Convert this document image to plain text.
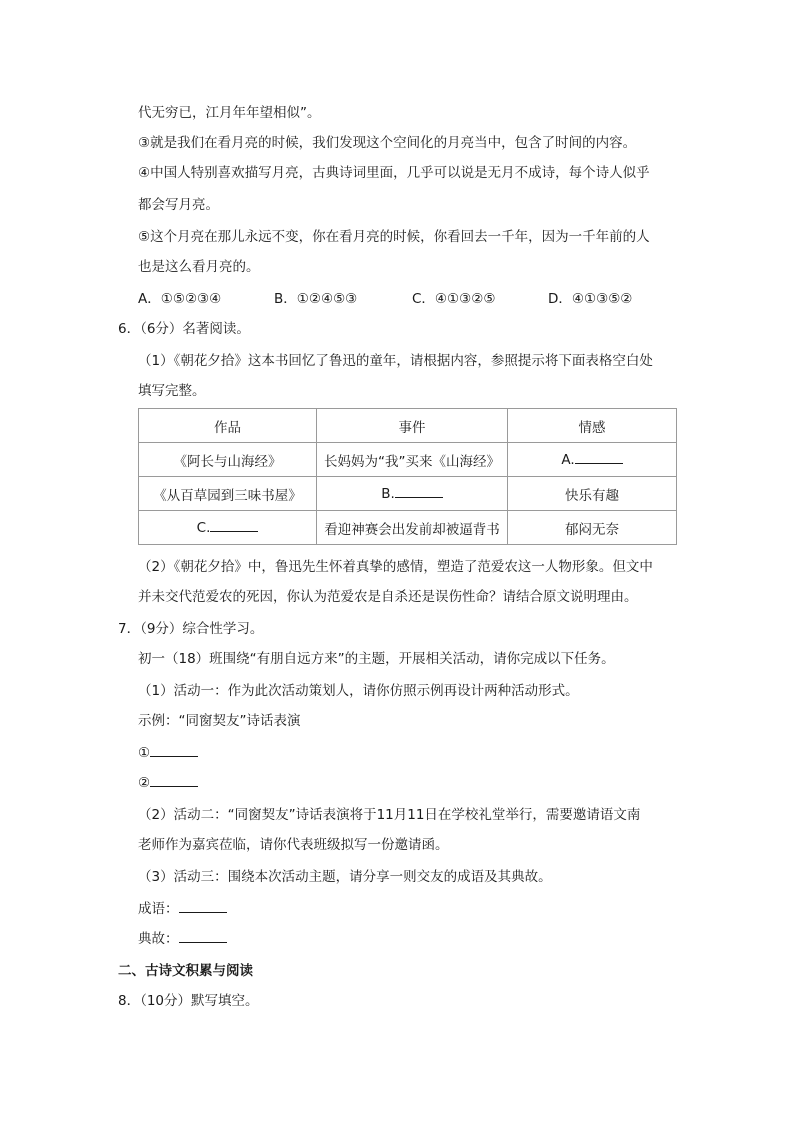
代无穷已，江月年年望相似”。
③就是我们在看月亮的时候，我们发现这个空间化的月亮当中，包含了时间的内容。
④中国人特别喜欢描写月亮，古典诗词里面，几乎可以说是无月不成诗，每个诗人似乎
都会写月亮。
⑤这个月亮在那儿永远不变，你在看月亮的时候，你看回去一千年，因为一千年前的人
也是这么看月亮的。
A．①⑤②③④	B．①②④⑤③	C．④①③②⑤	D．④①③⑤②
6．（6分）名著阅读。
（1）《朝花夕拾》这本书回忆了鲁迅的童年，请根据内容，参照提示将下面表格空白处
填写完整。
作品	事件	情感
《阿长与山海经》	长妈妈为“我”买来《山海经》	A.
《从百草园到三味书屋》	B.	快乐有趣
C.	看迎神赛会出发前却被逼背书	郁闷无奈
（2）《朝花夕拾》中，鲁迅先生怀着真挚的感情，塑造了范爱农这一人物形象。但文中
并未交代范爱农的死因，你认为范爱农是自杀还是误伤性命？请结合原文说明理由。
7．（9分）综合性学习。
初一（18）班围绕“有朋自远方来”的主题，开展相关活动，请你完成以下任务。
（1）活动一：作为此次活动策划人，请你仿照示例再设计两种活动形式。
示例：“同窗契友”诗话表演
①
②
（2）活动二：“同窗契友”诗话表演将于11月11日在学校礼堂举行，需要邀请语文南
老师作为嘉宾莅临，请你代表班级拟写一份邀请函。
（3）活动三：围绕本次活动主题，请分享一则交友的成语及其典故。
成语：
典故：
二、古诗文积累与阅读
8．（10分）默写填空。
